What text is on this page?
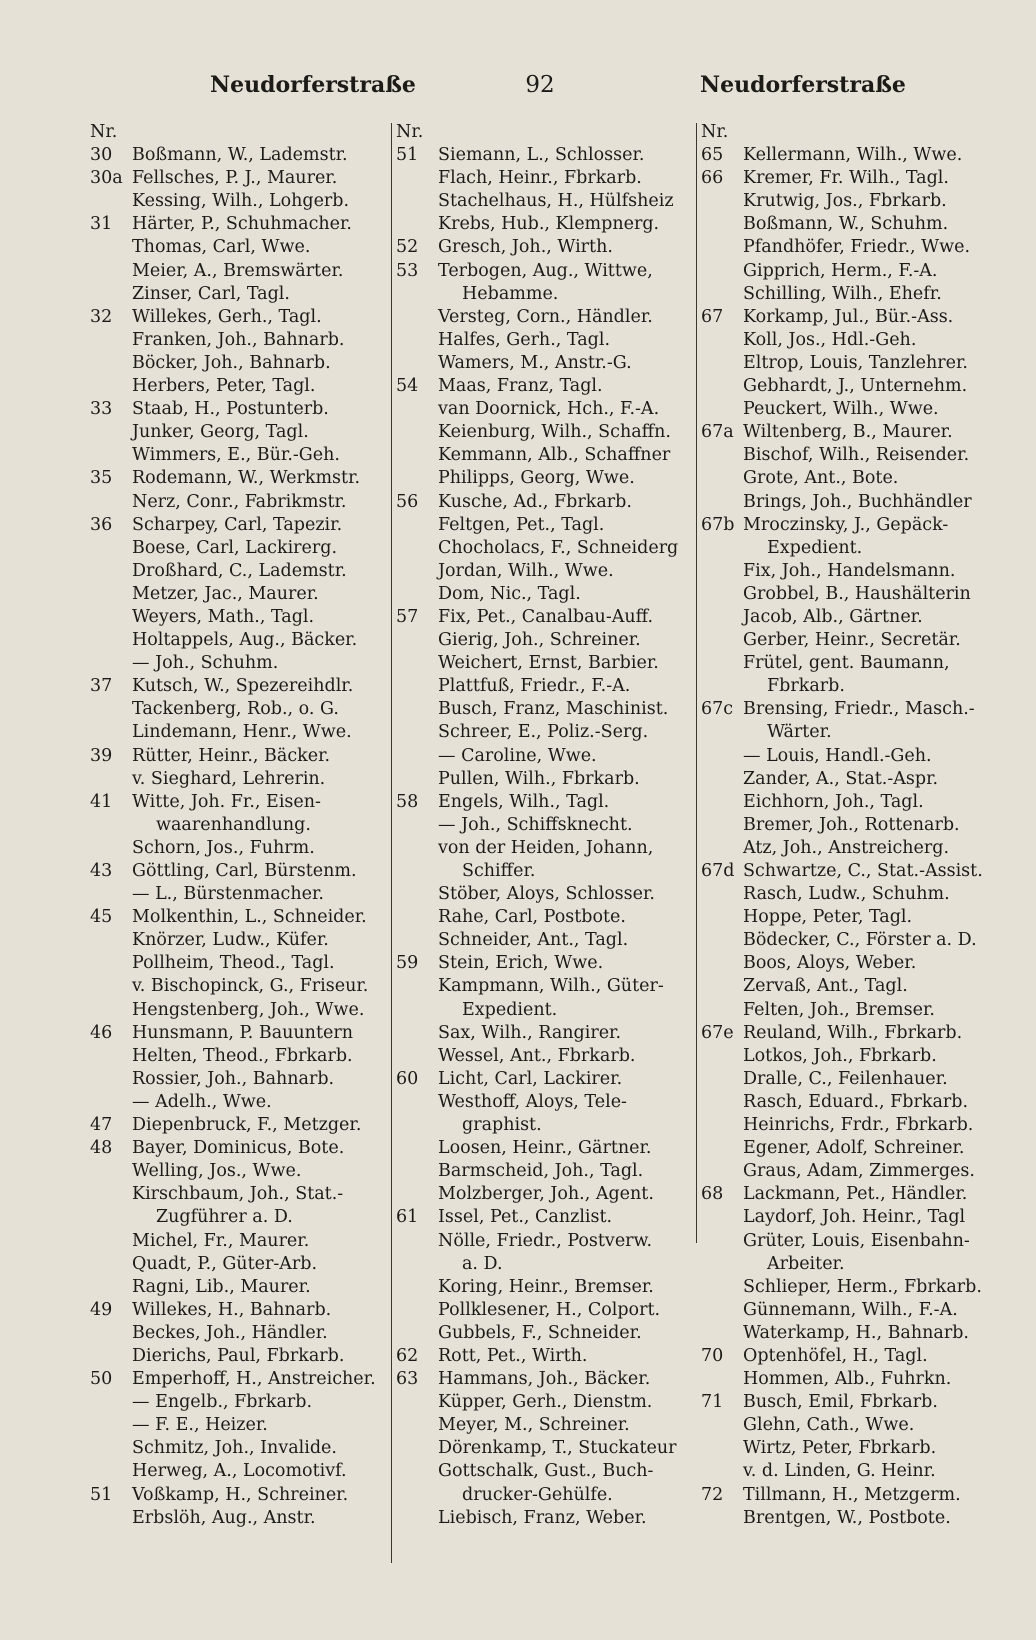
Neudorferstraße	92	Neudorferstraße
Nr.
30 Boßmann, W., Lademstr.
30a Fellsches, P. J., Maurer.
Kessing, Wilh., Lohgerb.
31 Härter, P., Schuhmacher.
Thomas, Carl, Wwe.
Meier, A., Bremswärter.
Zinser, Carl, Tagl.
32 Willekes, Gerh., Tagl.
Franken, Joh., Bahnarb.
Böcker, Joh., Bahnarb.
Herbers, Peter, Tagl.
33 Staab, H., Postunterb.
Junker, Georg, Tagl.
Wimmers, E., Bür.-Geh.
35 Rodemann, W., Werkmstr.
Nerz, Conr., Fabrikmstr.
36 Scharpey, Carl, Tapezir.
Boese, Carl, Lackirerg.
Droßhard, C., Lademstr.
Metzer, Jac., Maurer.
Weyers, Math., Tagl.
Holtappels, Aug., Bäcker.
— Joh., Schuhm.
37 Kutsch, W., Spezereihdlr.
Tackenberg, Rob., o. G.
Lindemann, Henr., Wwe.
39 Rütter, Heinr., Bäcker.
v. Sieghard, Lehrerin.
41 Witte, Joh. Fr., Eisen-
waarenhandlung.
Schorn, Jos., Fuhrm.
43 Göttling, Carl, Bürstenm.
— L., Bürstenmacher.
45 Molkenthin, L., Schneider.
Knörzer, Ludw., Küfer.
Pollheim, Theod., Tagl.
v. Bischopinck, G., Friseur.
Hengstenberg, Joh., Wwe.
46 Hunsmann, P. Bauuntern
Helten, Theod., Fbrkarb.
Rossier, Joh., Bahnarb.
— Adelh., Wwe.
47 Diepenbruck, F., Metzger.
48 Bayer, Dominicus, Bote.
Welling, Jos., Wwe.
Kirschbaum, Joh., Stat.-
Zugführer a. D.
Michel, Fr., Maurer.
Quadt, P., Güter-Arb.
Ragni, Lib., Maurer.
49 Willekes, H., Bahnarb.
Beckes, Joh., Händler.
Dierichs, Paul, Fbrkarb.
50 Emperhoff, H., Anstreicher.
— Engelb., Fbrkarb.
— F. E., Heizer.
Schmitz, Joh., Invalide.
Herweg, A., Locomotivf.
51 Voßkamp, H., Schreiner.
Erbslöh, Aug., Anstr.
Nr.
51 Siemann, L., Schlosser.
Flach, Heinr., Fbrkarb.
Stachelhaus, H., Hülfsheiz
Krebs, Hub., Klempnerg.
52 Gresch, Joh., Wirth.
53 Terbogen, Aug., Wittwe,
Hebamme.
Versteg, Corn., Händler.
Halfes, Gerh., Tagl.
Wamers, M., Anstr.-G.
54 Maas, Franz, Tagl.
van Doornick, Hch., F.-A.
Keienburg, Wilh., Schaffn.
Kemmann, Alb., Schaffner
Philipps, Georg, Wwe.
56 Kusche, Ad., Fbrkarb.
Feltgen, Pet., Tagl.
Chocholacs, F., Schneiderg
Jordan, Wilh., Wwe.
Dom, Nic., Tagl.
57 Fix, Pet., Canalbau-Auff.
Gierig, Joh., Schreiner.
Weichert, Ernst, Barbier.
Plattfuß, Friedr., F.-A.
Busch, Franz, Maschinist.
Schreer, E., Poliz.-Serg.
— Caroline, Wwe.
Pullen, Wilh., Fbrkarb.
58 Engels, Wilh., Tagl.
— Joh., Schiffsknecht.
von der Heiden, Johann,
Schiffer.
Stöber, Aloys, Schlosser.
Rahe, Carl, Postbote.
Schneider, Ant., Tagl.
59 Stein, Erich, Wwe.
Kampmann, Wilh., Güter-
Expedient.
Sax, Wilh., Rangirer.
Wessel, Ant., Fbrkarb.
60 Licht, Carl, Lackirer.
Westhoff, Aloys, Tele-
graphist.
Loosen, Heinr., Gärtner.
Barmscheid, Joh., Tagl.
Molzberger, Joh., Agent.
61 Issel, Pet., Canzlist.
Nölle, Friedr., Postverw.
a. D.
Koring, Heinr., Bremser.
Pollklesener, H., Colport.
Gubbels, F., Schneider.
62 Rott, Pet., Wirth.
63 Hammans, Joh., Bäcker.
Küpper, Gerh., Dienstm.
Meyer, M., Schreiner.
Dörenkamp, T., Stuckateur
Gottschalk, Gust., Buch-
drucker-Gehülfe.
Liebisch, Franz, Weber.
Nr.
65 Kellermann, Wilh., Wwe.
66 Kremer, Fr. Wilh., Tagl.
Krutwig, Jos., Fbrkarb.
Boßmann, W., Schuhm.
Pfandhöfer, Friedr., Wwe.
Gipprich, Herm., F.-A.
Schilling, Wilh., Ehefr.
67 Korkamp, Jul., Bür.-Ass.
Koll, Jos., Hdl.-Geh.
Eltrop, Louis, Tanzlehrer.
Gebhardt, J., Unternehm.
Peuckert, Wilh., Wwe.
67a Wiltenberg, B., Maurer.
Bischof, Wilh., Reisender.
Grote, Ant., Bote.
Brings, Joh., Buchhändler
67b Mroczinsky, J., Gepäck-
Expedient.
Fix, Joh., Handelsmann.
Grobbel, B., Haushälterin
Jacob, Alb., Gärtner.
Gerber, Heinr., Secretär.
Frütel, gent. Baumann,
Fbrkarb.
67c Brensing, Friedr., Masch.-
Wärter.
— Louis, Handl.-Geh.
Zander, A., Stat.-Aspr.
Eichhorn, Joh., Tagl.
Bremer, Joh., Rottenarb.
Atz, Joh., Anstreicherg.
67d Schwartze, C., Stat.-Assist.
Rasch, Ludw., Schuhm.
Hoppe, Peter, Tagl.
Bödecker, C., Förster a. D.
Boos, Aloys, Weber.
Zervaß, Ant., Tagl.
Felten, Joh., Bremser.
67e Reuland, Wilh., Fbrkarb.
Lotkos, Joh., Fbrkarb.
Dralle, C., Feilenhauer.
Rasch, Eduard., Fbrkarb.
Heinrichs, Frdr., Fbrkarb.
Egener, Adolf, Schreiner.
Graus, Adam, Zimmerges.
68 Lackmann, Pet., Händler.
Laydorf, Joh. Heinr., Tagl
Grüter, Louis, Eisenbahn-
Arbeiter.
Schlieper, Herm., Fbrkarb.
Günnemann, Wilh., F.-A.
Waterkamp, H., Bahnarb.
70 Optenhöfel, H., Tagl.
Hommen, Alb., Fuhrkn.
71 Busch, Emil, Fbrkarb.
Glehn, Cath., Wwe.
Wirtz, Peter, Fbrkarb.
v. d. Linden, G. Heinr.
72 Tillmann, H., Metzgerm.
Brentgen, W., Postbote.
